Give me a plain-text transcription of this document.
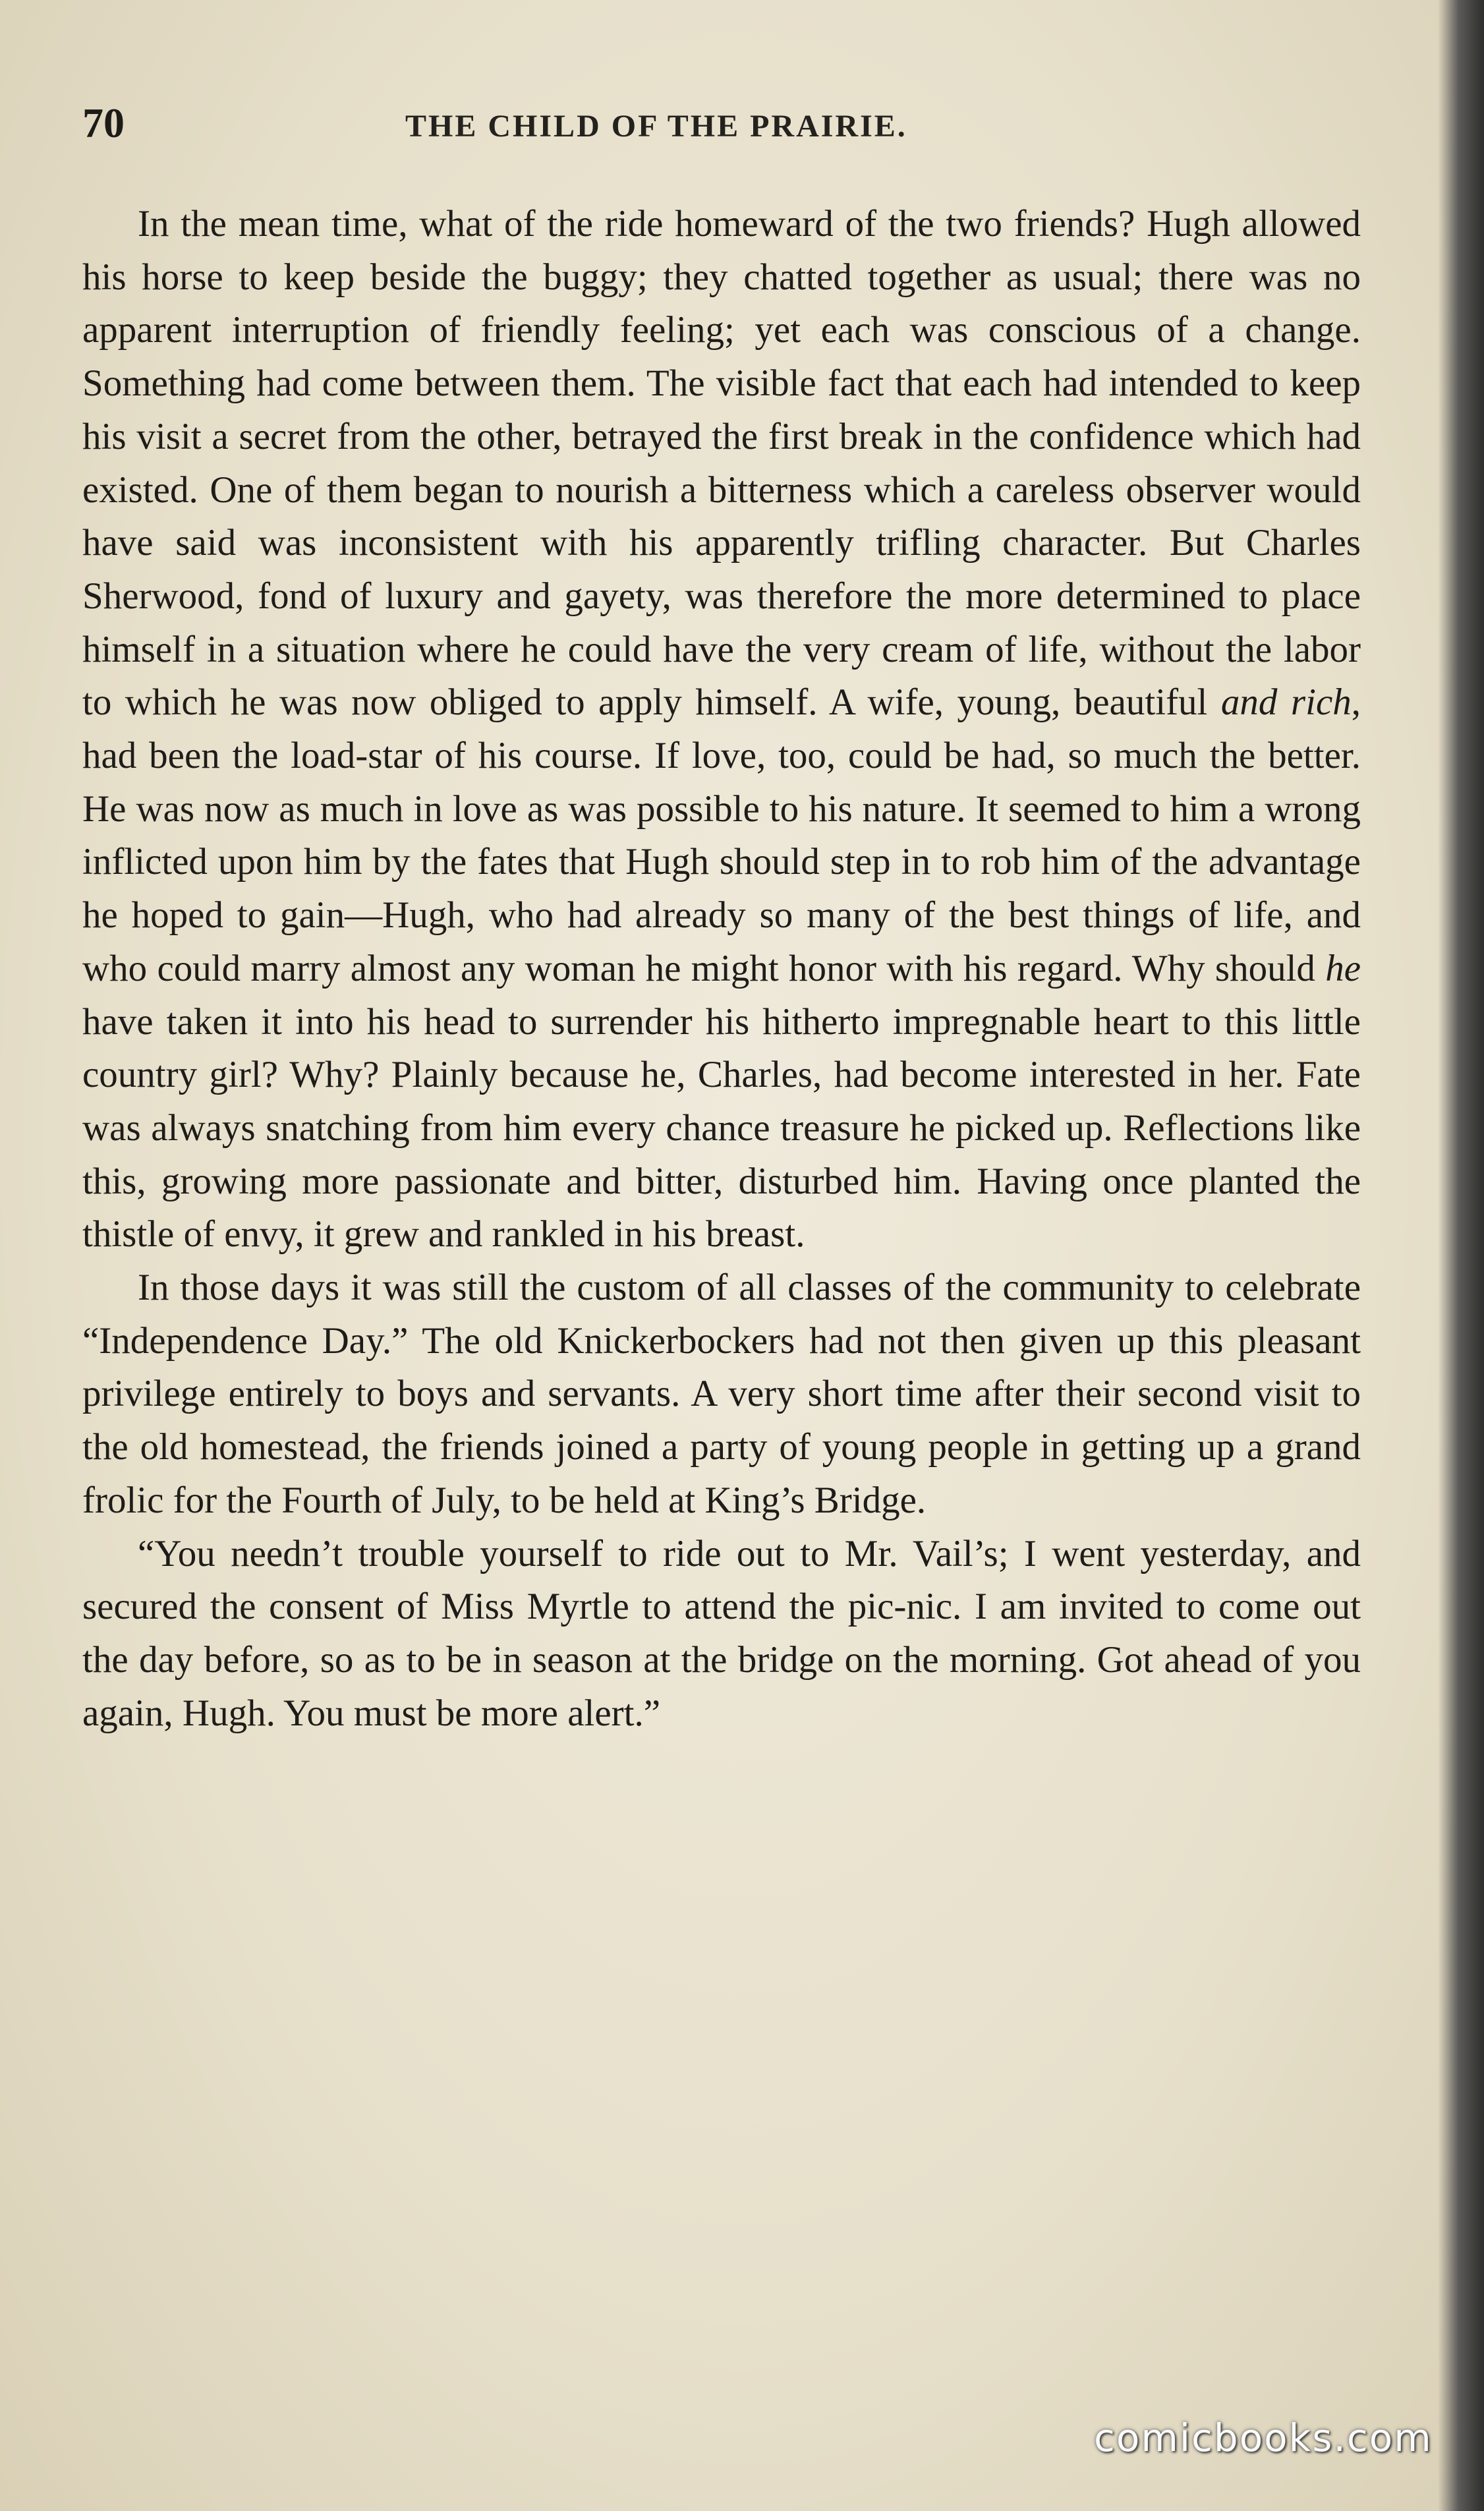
70	THE CHILD OF THE PRAIRIE.

In the mean time, what of the ride homeward of the two friends? Hugh allowed his horse to keep beside the buggy; they chatted together as usual; there was no apparent interruption of friendly feeling; yet each was conscious of a change. Something had come between them. The visible fact that each had intended to keep his visit a secret from the other, betrayed the first break in the confidence which had existed. One of them began to nourish a bitterness which a careless observer would have said was inconsistent with his apparently trifling character. But Charles Sherwood, fond of luxury and gayety, was therefore the more determined to place himself in a situation where he could have the very cream of life, without the labor to which he was now obliged to apply himself. A wife, young, beautiful and rich, had been the load-star of his course. If love, too, could be had, so much the better. He was now as much in love as was possible to his nature. It seemed to him a wrong inflicted upon him by the fates that Hugh should step in to rob him of the advantage he hoped to gain—Hugh, who had already so many of the best things of life, and who could marry almost any woman he might honor with his regard. Why should he have taken it into his head to surrender his hitherto impregnable heart to this little country girl? Why? Plainly because he, Charles, had become interested in her. Fate was always snatching from him every chance treasure he picked up. Reflections like this, growing more passionate and bitter, disturbed him. Having once planted the thistle of envy, it grew and rankled in his breast.

In those days it was still the custom of all classes of the community to celebrate “Independence Day.” The old Knickerbockers had not then given up this pleasant privilege entirely to boys and servants. A very short time after their second visit to the old homestead, the friends joined a party of young people in getting up a grand frolic for the Fourth of July, to be held at King’s Bridge.

“You needn’t trouble yourself to ride out to Mr. Vail’s; I went yesterday, and secured the consent of Miss Myrtle to attend the pic-nic. I am invited to come out the day before, so as to be in season at the bridge on the morning. Got ahead of you again, Hugh. You must be more alert.”

comicbooks.com
